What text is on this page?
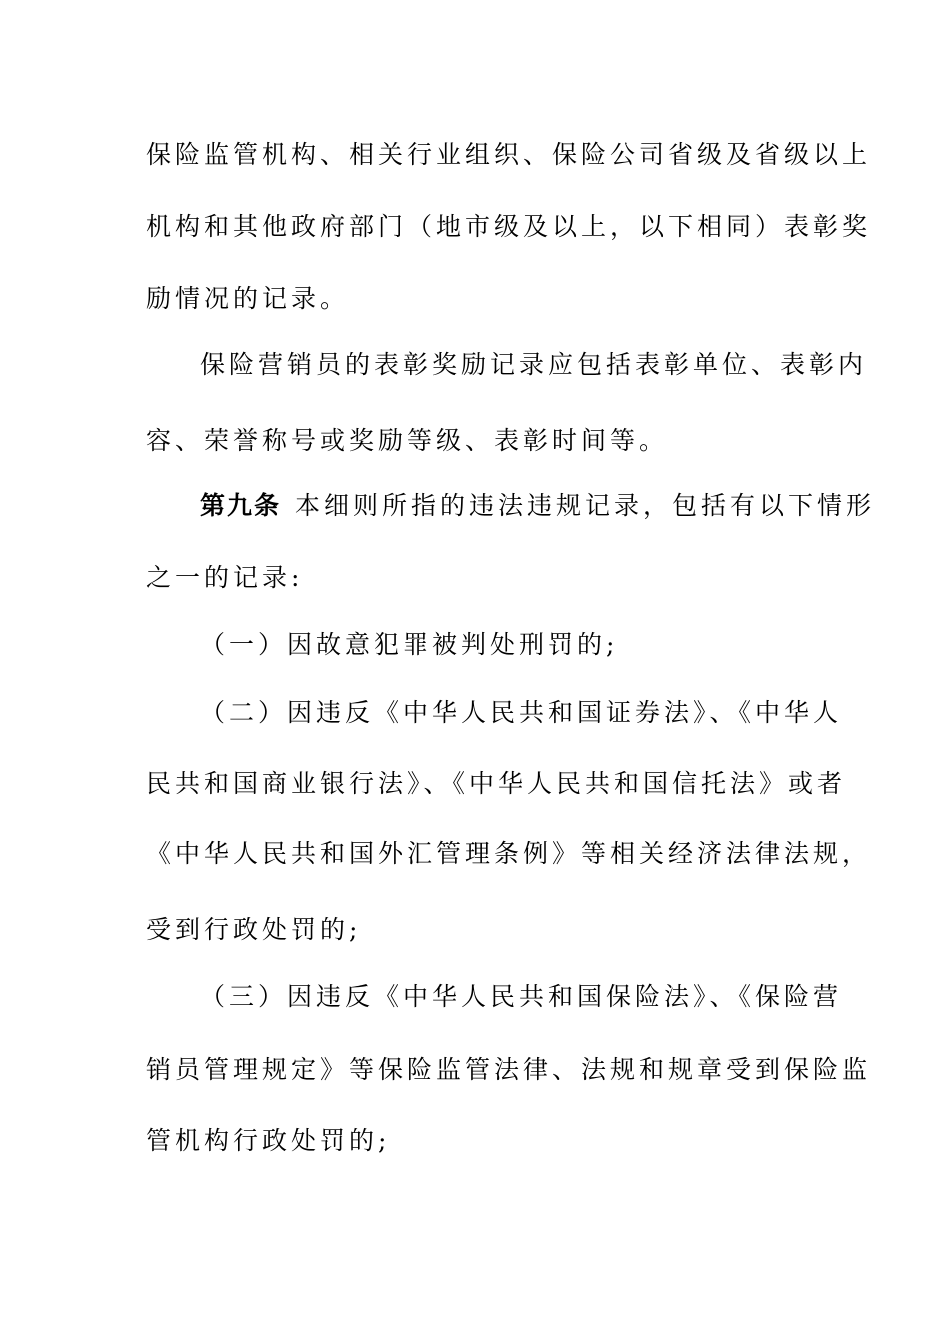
保险监管机构、相关行业组织、保险公司省级及省级以上
机构和其他政府部门（地市级及以上，以下相同）表彰奖
励情况的记录。
保险营销员的表彰奖励记录应包括表彰单位、表彰内
容、荣誉称号或奖励等级、表彰时间等。
第九条 本细则所指的违法违规记录，包括有以下情形
之一的记录:
（一）因故意犯罪被判处刑罚的;
（二）因违反《中华人民共和国证券法》、《中华人
民共和国商业银行法》、《中华人民共和国信托法》或者
《中华人民共和国外汇管理条例》等相关经济法律法规，
受到行政处罚的;
（三）因违反《中华人民共和国保险法》、《保险营
销员管理规定》等保险监管法律、法规和规章受到保险监
管机构行政处罚的;
